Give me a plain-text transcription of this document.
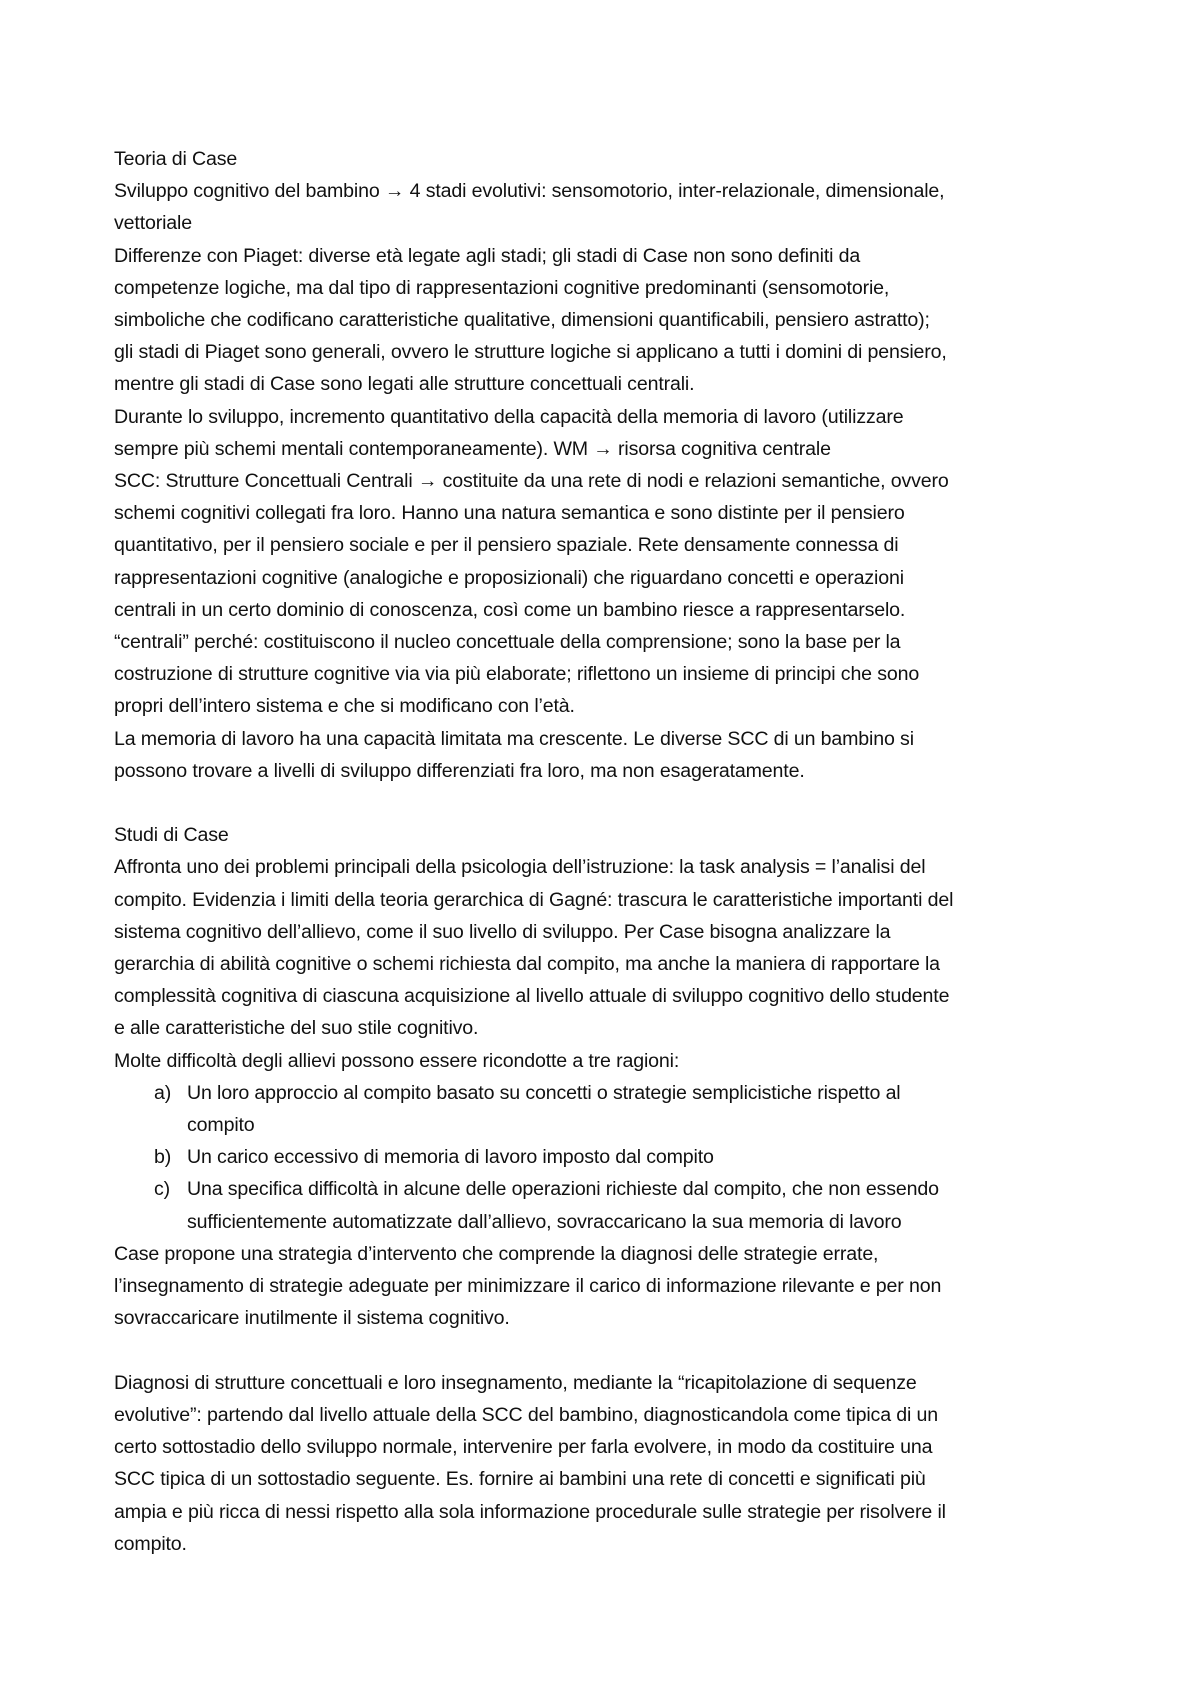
Teoria di Case
Sviluppo cognitivo del bambino → 4 stadi evolutivi: sensomotorio, inter-relazionale, dimensionale,
vettoriale
Differenze con Piaget: diverse età legate agli stadi; gli stadi di Case non sono definiti da
competenze logiche, ma dal tipo di rappresentazioni cognitive predominanti (sensomotorie,
simboliche che codificano caratteristiche qualitative, dimensioni quantificabili, pensiero astratto);
gli stadi di Piaget sono generali, ovvero le strutture logiche si applicano a tutti i domini di pensiero,
mentre gli stadi di Case sono legati alle strutture concettuali centrali.
Durante lo sviluppo, incremento quantitativo della capacità della memoria di lavoro (utilizzare
sempre più schemi mentali contemporaneamente). WM → risorsa cognitiva centrale
SCC: Strutture Concettuali Centrali → costituite da una rete di nodi e relazioni semantiche, ovvero
schemi cognitivi collegati fra loro. Hanno una natura semantica e sono distinte per il pensiero
quantitativo, per il pensiero sociale e per il pensiero spaziale. Rete densamente connessa di
rappresentazioni cognitive (analogiche e proposizionali) che riguardano concetti e operazioni
centrali in un certo dominio di conoscenza, così come un bambino riesce a rappresentarselo.
“centrali” perché: costituiscono il nucleo concettuale della comprensione; sono la base per la
costruzione di strutture cognitive via via più elaborate; riflettono un insieme di principi che sono
propri dell’intero sistema e che si modificano con l’età.
La memoria di lavoro ha una capacità limitata ma crescente. Le diverse SCC di un bambino si
possono trovare a livelli di sviluppo differenziati fra loro, ma non esageratamente.
Studi di Case
Affronta uno dei problemi principali della psicologia dell’istruzione: la task analysis = l’analisi del
compito. Evidenzia i limiti della teoria gerarchica di Gagné: trascura le caratteristiche importanti del
sistema cognitivo dell’allievo, come il suo livello di sviluppo. Per Case bisogna analizzare la
gerarchia di abilità cognitive o schemi richiesta dal compito, ma anche la maniera di rapportare la
complessità cognitiva di ciascuna acquisizione al livello attuale di sviluppo cognitivo dello studente
e alle caratteristiche del suo stile cognitivo.
Molte difficoltà degli allievi possono essere ricondotte a tre ragioni:
a) Un loro approccio al compito basato su concetti o strategie semplicistiche rispetto al
compito
b) Un carico eccessivo di memoria di lavoro imposto dal compito
c) Una specifica difficoltà in alcune delle operazioni richieste dal compito, che non essendo
sufficientemente automatizzate dall’allievo, sovraccaricano la sua memoria di lavoro
Case propone una strategia d’intervento che comprende la diagnosi delle strategie errate,
l’insegnamento di strategie adeguate per minimizzare il carico di informazione rilevante e per non
sovraccaricare inutilmente il sistema cognitivo.
Diagnosi di strutture concettuali e loro insegnamento, mediante la “ricapitolazione di sequenze
evolutive”: partendo dal livello attuale della SCC del bambino, diagnosticandola come tipica di un
certo sottostadio dello sviluppo normale, intervenire per farla evolvere, in modo da costituire una
SCC tipica di un sottostadio seguente. Es. fornire ai bambini una rete di concetti e significati più
ampia e più ricca di nessi rispetto alla sola informazione procedurale sulle strategie per risolvere il
compito.
